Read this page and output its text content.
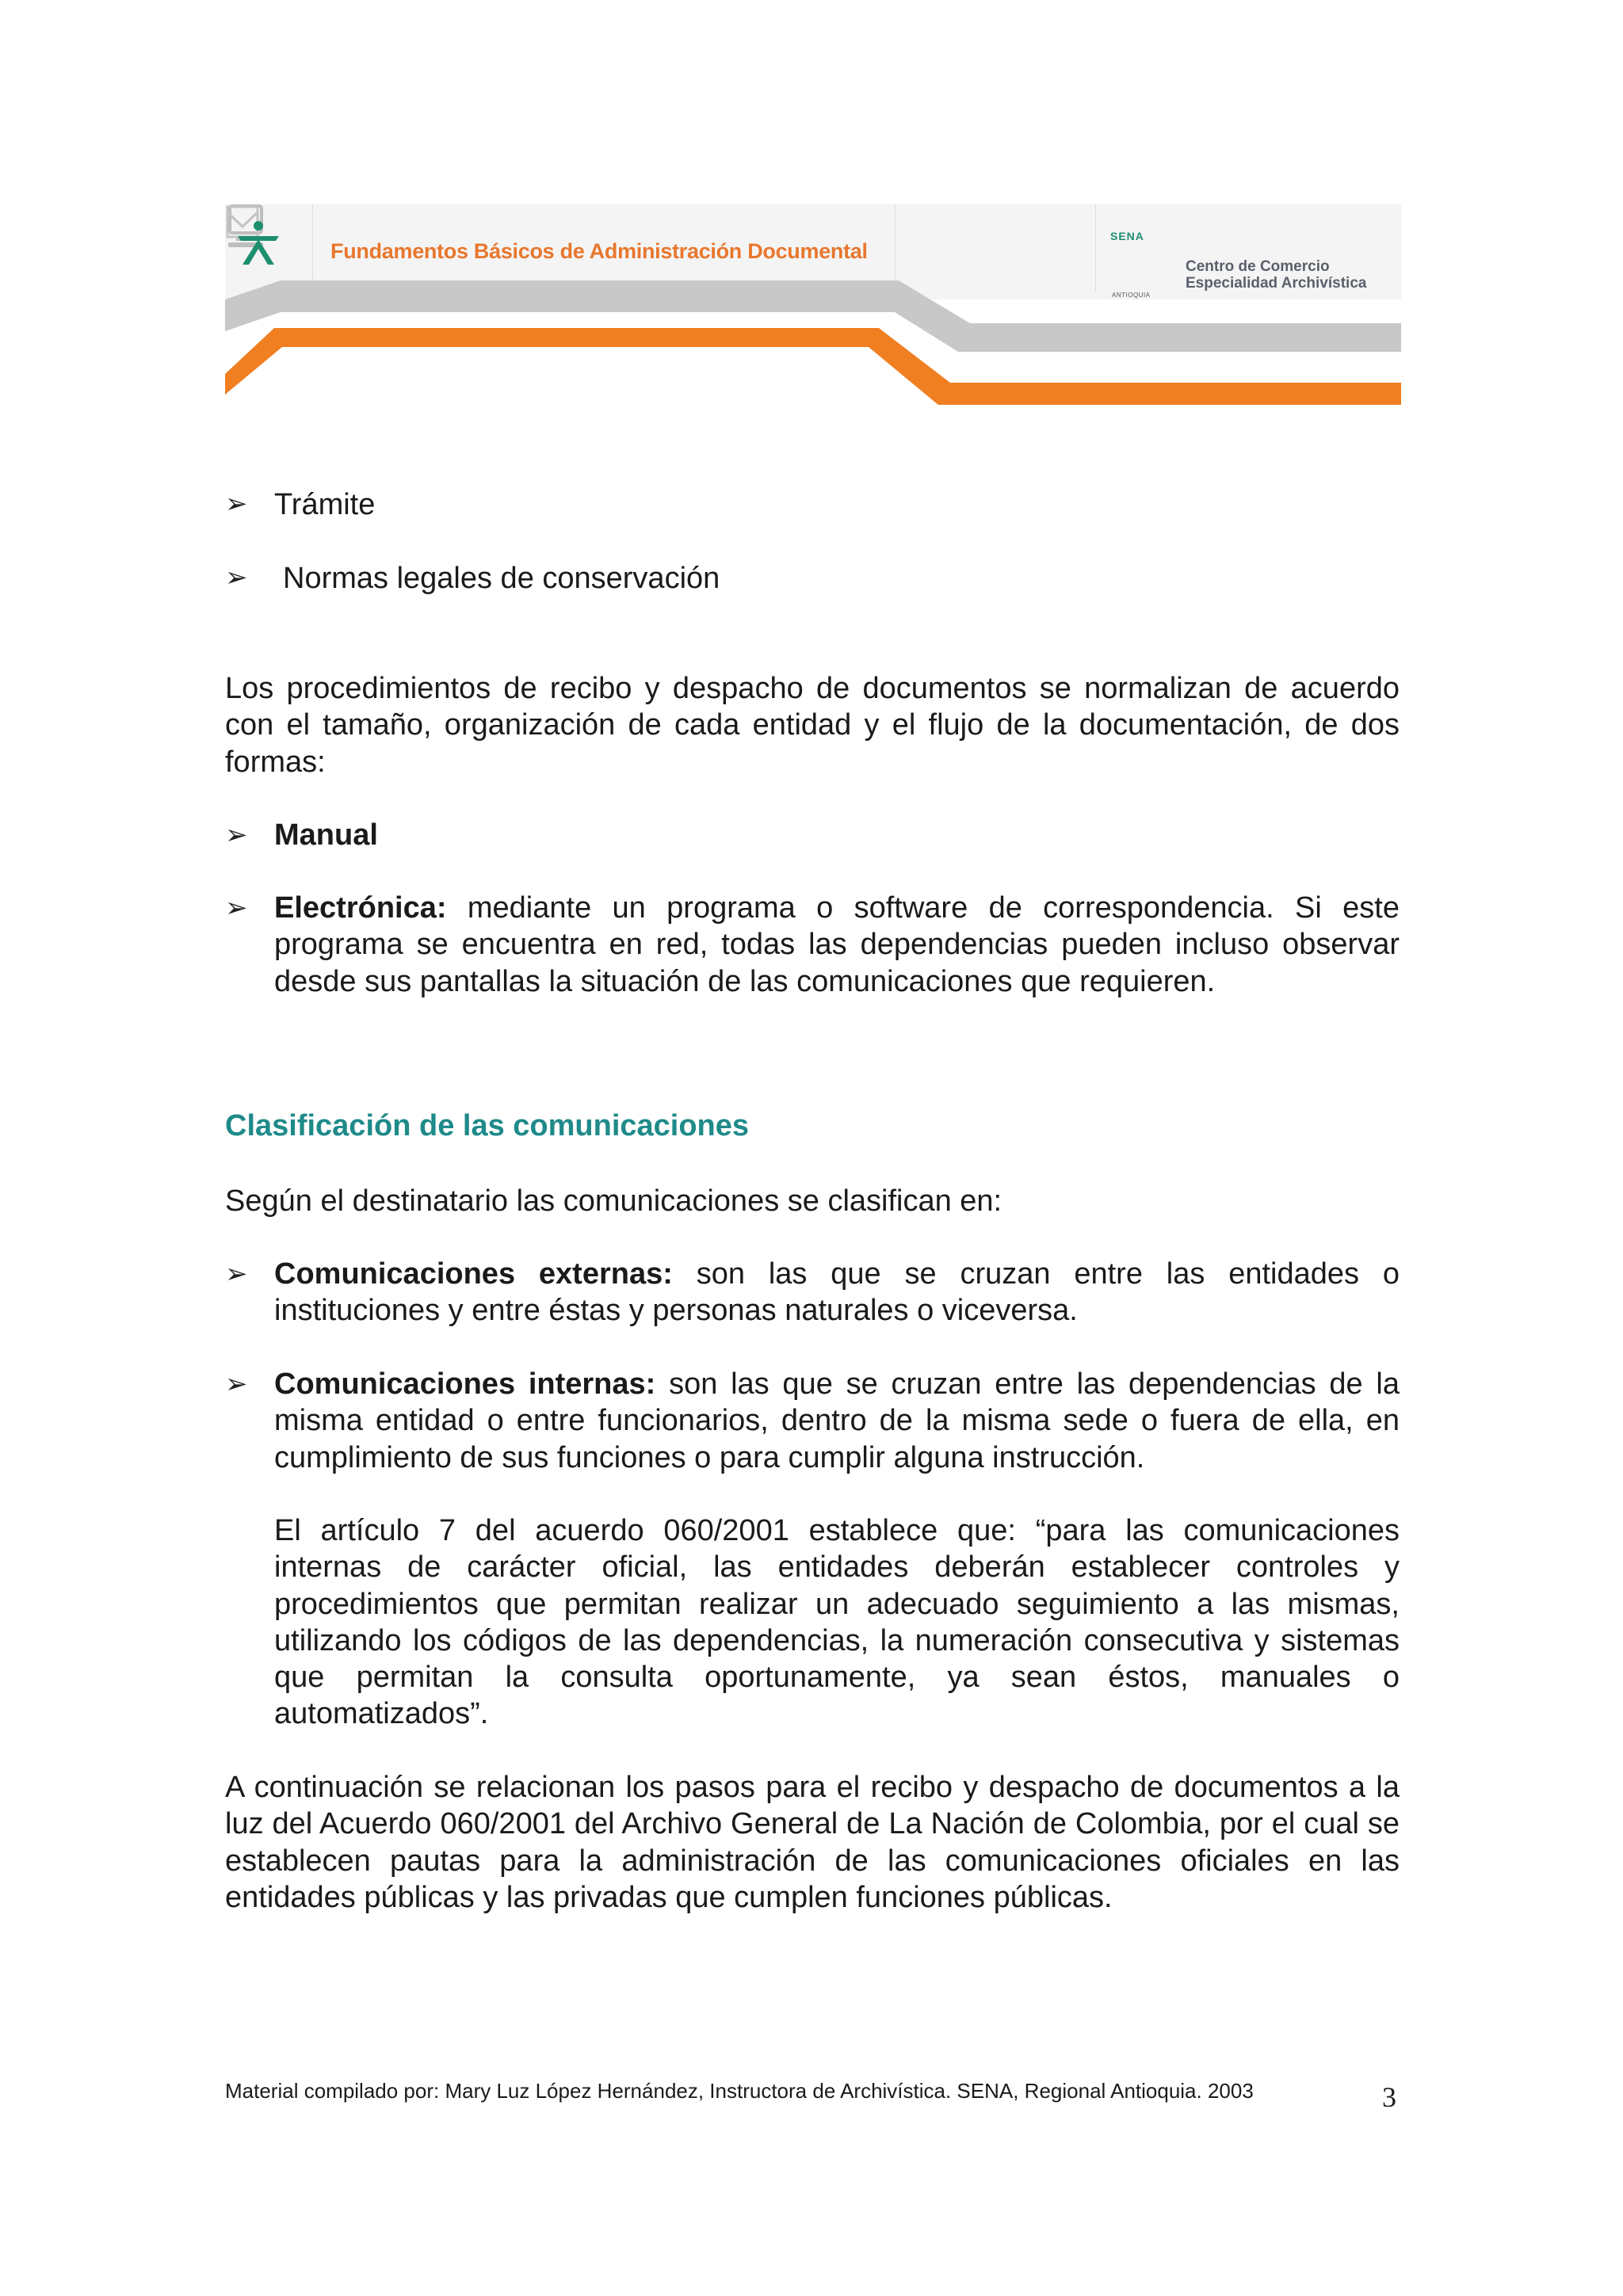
Fundamentos Básicos de Administración Documental
SENA
ANTIOQUIA
Centro de Comercio
Especialidad Archivística
➢ Trámite
➢ Normas legales de conservación
Los procedimientos de recibo y despacho de documentos se normalizan de acuerdo con el tamaño, organización de cada entidad y el flujo de la documentación, de dos formas:
➢ Manual
➢ Electrónica: mediante un programa o software de correspondencia. Si este programa se encuentra en red, todas las dependencias pueden incluso observar desde sus pantallas la situación de las comunicaciones que requieren.
Clasificación de las comunicaciones
Según el destinatario las comunicaciones se clasifican en:
➢ Comunicaciones externas: son las que se cruzan entre las entidades o instituciones y entre éstas y personas naturales o viceversa.
➢ Comunicaciones internas: son las que se cruzan entre las dependencias de la misma entidad o entre funcionarios, dentro de la misma sede o fuera de ella, en cumplimiento de sus funciones o para cumplir alguna instrucción.
El artículo 7 del acuerdo 060/2001 establece que: “para las comunicaciones internas de carácter oficial, las entidades deberán establecer controles y procedimientos que permitan realizar un adecuado seguimiento a las mismas, utilizando los códigos de las dependencias, la numeración consecutiva y sistemas que permitan la consulta oportunamente, ya sean éstos, manuales o automatizados”.
A continuación se relacionan los pasos para el recibo y despacho de documentos a la luz del Acuerdo 060/2001 del Archivo General de La Nación de Colombia, por el cual se establecen pautas para la administración de las comunicaciones oficiales en las entidades públicas y las privadas que cumplen funciones públicas.
Material compilado por: Mary Luz López Hernández, Instructora de Archivística. SENA, Regional Antioquia. 2003	3
